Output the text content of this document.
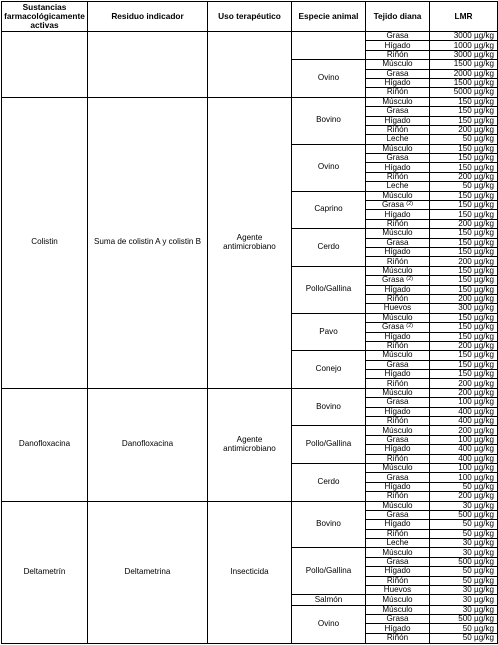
Sustancias farmacológicamente activas	Residuo indicador	Uso terapéutico	Especie animal	Tejido diana	LMR
				Grasa	3000 µg/kg
				Hígado	1000 µg/kg
				Riñón	3000 µg/kg
			Ovino	Músculo	1500 µg/kg
				Grasa	2000 µg/kg
				Hígado	1500 µg/kg
				Riñón	5000 µg/kg
Colistin	Suma de colistin A y colistin B	Agente antimicrobiano	Bovino	Músculo	150 µg/kg
				Grasa	150 µg/kg
				Hígado	150 µg/kg
				Riñón	200 µg/kg
				Leche	50 µg/kg
			Ovino	Músculo	150 µg/kg
				Grasa	150 µg/kg
				Hígado	150 µg/kg
				Riñón	200 µg/kg
				Leche	50 µg/kg
			Caprino	Músculo	150 µg/kg
				Grasa $^{(2)}$	150 µg/kg
				Hígado	150 µg/kg
				Riñón	200 µg/kg
			Cerdo	Músculo	150 µg/kg
				Grasa	150 µg/kg
				Hígado	150 µg/kg
				Riñón	200 µg/kg
			Pollo/Gallina	Músculo	150 µg/kg
				Grasa $^{(2)}$	150 µg/kg
				Hígado	150 µg/kg
				Riñón	200 µg/kg
				Huevos	300 µg/kg
			Pavo	Músculo	150 µg/kg
				Grasa $^{(2)}$	150 µg/kg
				Hígado	150 µg/kg
				Riñón	200 µg/kg
			Conejo	Músculo	150 µg/kg
				Grasa	150 µg/kg
				Hígado	150 µg/kg
				Riñón	200 µg/kg
Danofloxacina	Danofloxacina	Agente antimicrobiano	Bovino	Músculo	200 µg/kg
				Grasa	100 µg/kg
				Hígado	400 µg/kg
				Riñón	400 µg/kg
			Pollo/Gallina	Músculo	200 µg/kg
				Grasa	100 µg/kg
				Hígado	400 µg/kg
				Riñón	400 µg/kg
			Cerdo	Músculo	100 µg/kg
				Grasa	100 µg/kg
				Hígado	50 µg/kg
				Riñón	200 µg/kg
Deltametrín	Deltametrina	Insecticida	Bovino	Músculo	30 µg/kg
				Grasa	500 µg/kg
				Hígado	50 µg/kg
				Riñón	50 µg/kg
				Leche	30 µg/kg
			Pollo/Gallina	Músculo	30 µg/kg
				Grasa	500 µg/kg
				Hígado	50 µg/kg
				Riñón	50 µg/kg
				Huevos	30 µg/kg
			Salmón	Músculo	30 µg/kg
			Ovino	Músculo	30 µg/kg
				Grasa	500 µg/kg
				Hígado	50 µg/kg
				Riñón	50 µg/kg
